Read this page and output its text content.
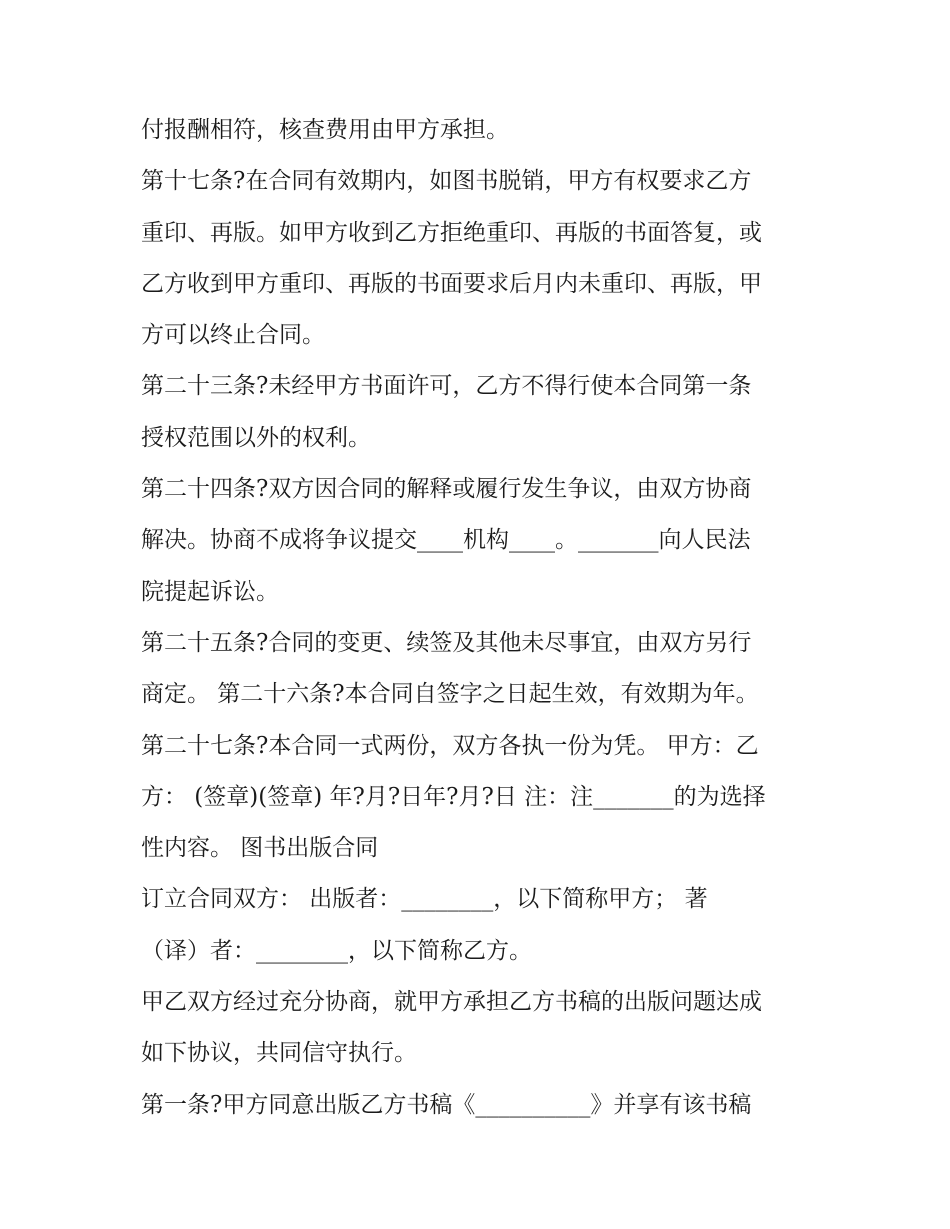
付报酬相符，核查费用由甲方承担。
第十七条?在合同有效期内，如图书脱销，甲方有权要求乙方
重印、再版。如甲方收到乙方拒绝重印、再版的书面答复，或
乙方收到甲方重印、再版的书面要求后月内未重印、再版，甲
方可以终止合同。
第二十三条?未经甲方书面许可，乙方不得行使本合同第一条
授权范围以外的权利。
第二十四条?双方因合同的解释或履行发生争议，由双方协商
解决。协商不成将争议提交____机构____。_______向人民法
院提起诉讼。
第二十五条?合同的变更、续签及其他未尽事宜，由双方另行
商定。 第二十六条?本合同自签字之日起生效，有效期为年。
第二十七条?本合同一式两份，双方各执一份为凭。 甲方：乙
方： (签章)(签章) 年?月?日年?月?日 注：注_______的为选择
性内容。 图书出版合同
订立合同双方： 出版者：________，以下简称甲方； 著
（译）者：________，以下简称乙方。
甲乙双方经过充分协商，就甲方承担乙方书稿的出版问题达成
如下协议，共同信守执行。
第一条?甲方同意出版乙方书稿《__________》并享有该书稿
